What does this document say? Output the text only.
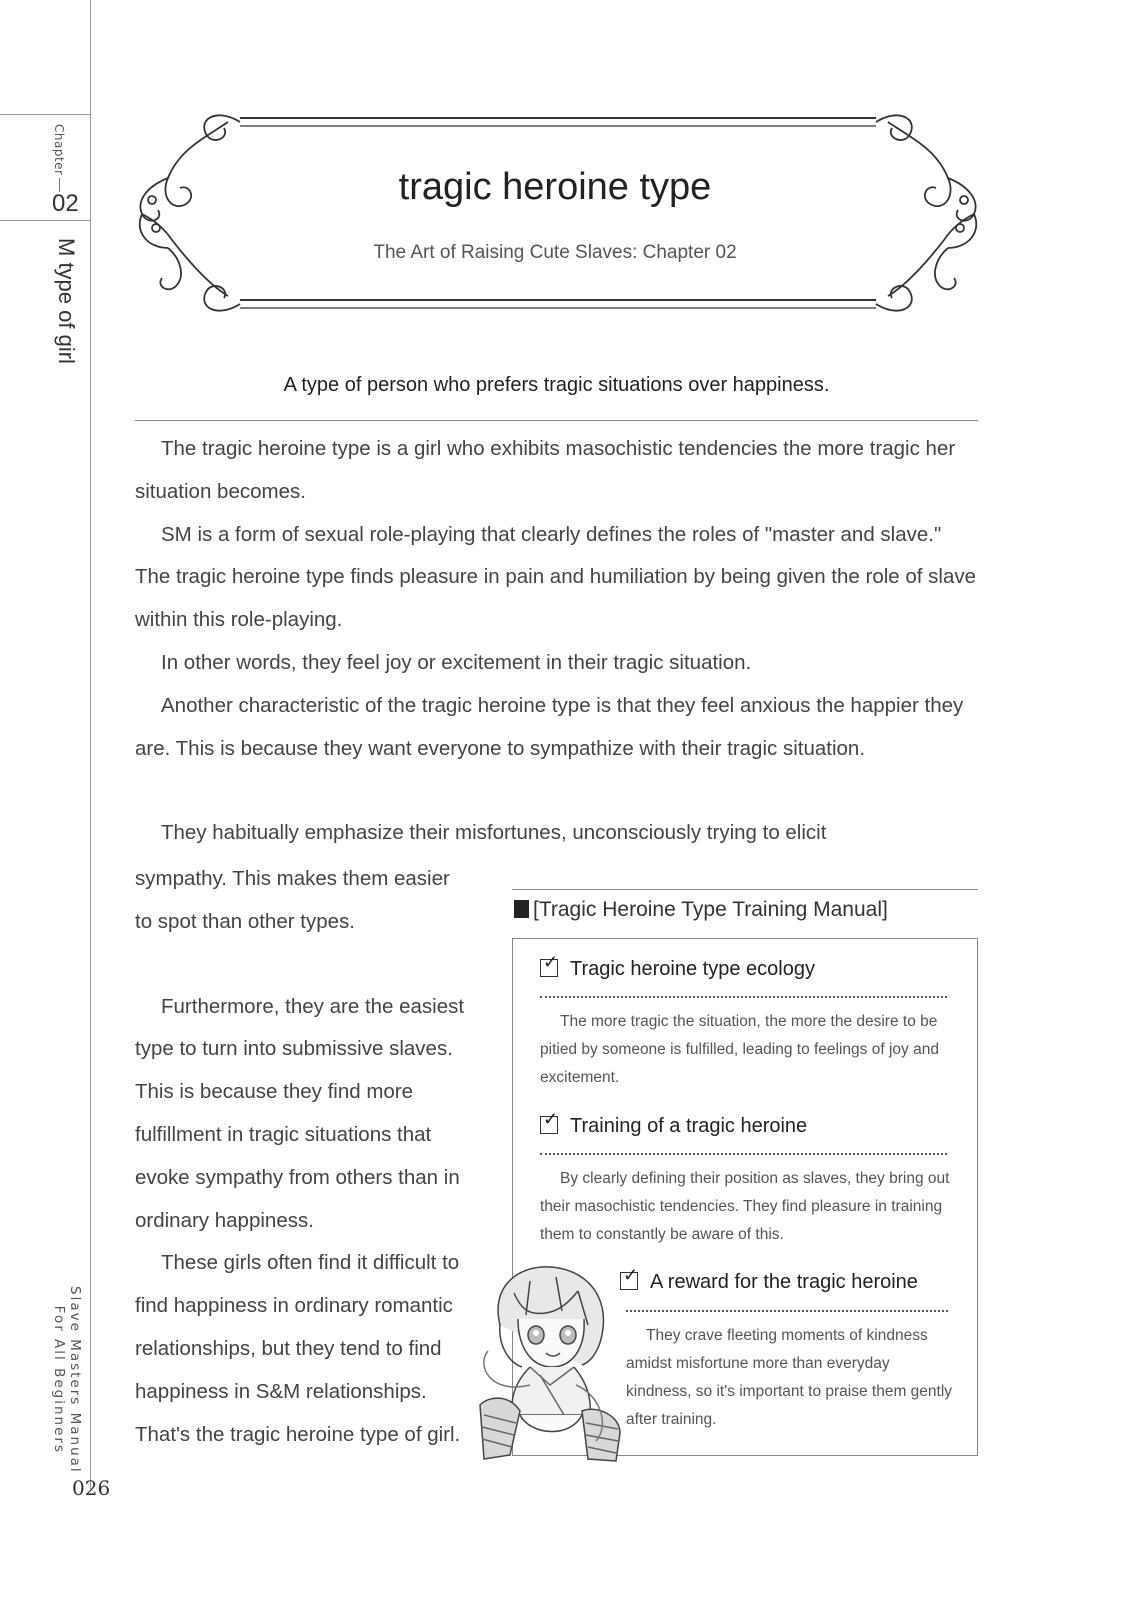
Chapter
02
M type of girl
Slave Masters Manual
For All Beginners
026
tragic heroine type
The Art of Raising Cute Slaves: Chapter 02
A type of person who prefers tragic situations over happiness.

The tragic heroine type is a girl who exhibits masochistic tendencies the more tragic her situation becomes.

SM is a form of sexual role-playing that clearly defines the roles of "master and slave." The tragic heroine type finds pleasure in pain and humiliation by being given the role of slave within this role-playing.

In other words, they feel joy or excitement in their tragic situation.

Another characteristic of the tragic heroine type is that they feel anxious the happier they are. This is because they want everyone to sympathize with their tragic situation.

They habitually emphasize their misfortunes, unconsciously trying to elicit

sympathy. This makes them easier to spot than other types.

Furthermore, they are the easiest type to turn into submissive slaves. This is because they find more fulfillment in tragic situations that evoke sympathy from others than in ordinary happiness.

These girls often find it difficult to find happiness in ordinary romantic relationships, but they tend to find happiness in S&M relationships. That's the tragic heroine type of girl.

[Tragic Heroine Type Training Manual]
✓Tragic heroine type ecology

The more tragic the situation, the more the desire to be pitied by someone is fulfilled, leading to feelings of joy and excitement.

✓Training of a tragic heroine

By clearly defining their position as slaves, they bring out their masochistic tendencies. They find pleasure in training them to constantly be aware of this.

✓A reward for the tragic heroine

They crave fleeting moments of kindness amidst misfortune more than everyday kindness, so it's important to praise them gently after training.
